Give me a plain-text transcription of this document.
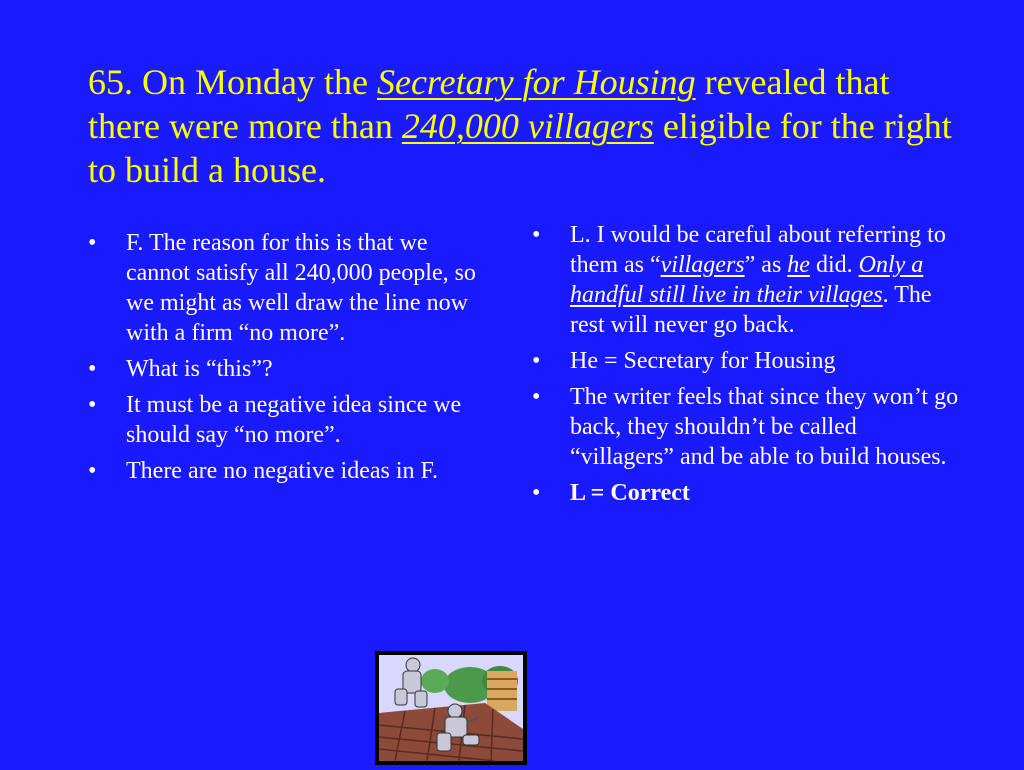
65. On Monday the Secretary for Housing revealed that there were more than 240,000 villagers eligible for the right to build a house.
• F. The reason for this is that we cannot satisfy all 240,000 people, so we might as well draw the line now with a firm “no more”.
• What is “this”?
• It must be a negative idea since we should say “no more”.
• There are no negative ideas in F.
• L. I would be careful about referring to them as “villagers” as he did. Only a handful still live in their villages. The rest will never go back.
• He = Secretary for Housing
• The writer feels that since they won’t go back, they shouldn’t be called “villagers” and be able to build houses.
• L = Correct
